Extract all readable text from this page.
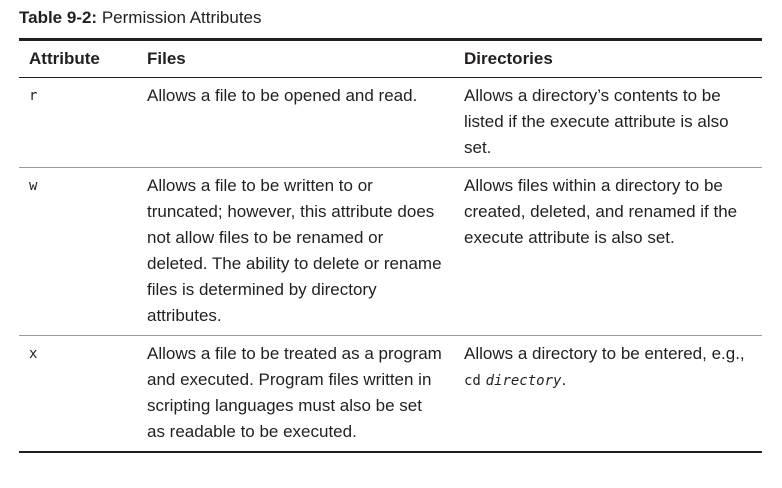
Table 9-2: Permission Attributes
Attribute	Files	Directories
r	Allows a file to be opened and read.	Allows a directory’s contents to be listed if the execute attribute is also set.
w	Allows a file to be written to or truncated; however, this attribute does not allow files to be renamed or deleted. The ability to delete or rename files is determined by directory attributes.	Allows files within a directory to be created, deleted, and renamed if the execute attribute is also set.
x	Allows a file to be treated as a program and executed. Program files written in scripting languages must also be set as readable to be executed.	Allows a directory to be entered, e.g., cd directory.
